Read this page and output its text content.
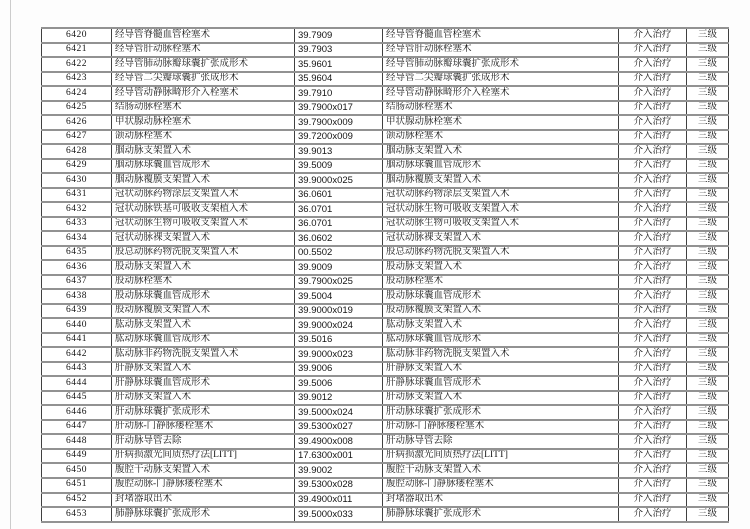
6420	经导管脊髓血管栓塞术	39.7909	经导管脊髓血管栓塞术	介入治疗	三级
6421	经导管肝动脉栓塞术	39.7903	经导管肝动脉栓塞术	介入治疗	三级
6422	经导管肺动脉瓣球囊扩张成形术	35.9601	经导管肺动脉瓣球囊扩张成形术	介入治疗	三级
6423	经导管二尖瓣球囊扩张成形术	35.9604	经导管二尖瓣球囊扩张成形术	介入治疗	三级
6424	经导管动静脉畸形介入栓塞术	39.7910	经导管动静脉畸形介入栓塞术	介入治疗	三级
6425	结肠动脉栓塞术	39.7900x017	结肠动脉栓塞术	介入治疗	三级
6426	甲状腺动脉栓塞术	39.7900x009	甲状腺动脉栓塞术	介入治疗	三级
6427	颌动脉栓塞术	39.7200x009	颌动脉栓塞术	介入治疗	三级
6428	腘动脉支架置入术	39.9013	腘动脉支架置入术	介入治疗	三级
6429	腘动脉球囊血管成形术	39.5009	腘动脉球囊血管成形术	介入治疗	三级
6430	腘动脉覆膜支架置入术	39.9000x025	腘动脉覆膜支架置入术	介入治疗	三级
6431	冠状动脉药物涂层支架置入术	36.0601	冠状动脉药物涂层支架置入术	介入治疗	三级
6432	冠状动脉铁基可吸收支架植入术	36.0701	冠状动脉生物可吸收支架置入术	介入治疗	三级
6433	冠状动脉生物可吸收支架置入术	36.0701	冠状动脉生物可吸收支架置入术	介入治疗	三级
6434	冠状动脉裸支架置入术	36.0602	冠状动脉裸支架置入术	介入治疗	三级
6435	股总动脉药物洗脱支架置入术	00.5502	股总动脉药物洗脱支架置入术	介入治疗	三级
6436	股动脉支架置入术	39.9009	股动脉支架置入术	介入治疗	三级
6437	股动脉栓塞术	39.7900x025	股动脉栓塞术	介入治疗	三级
6438	股动脉球囊血管成形术	39.5004	股动脉球囊血管成形术	介入治疗	三级
6439	股动脉覆膜支架置入术	39.9000x019	股动脉覆膜支架置入术	介入治疗	三级
6440	肱动脉支架置入术	39.9000x024	肱动脉支架置入术	介入治疗	三级
6441	肱动脉球囊血管成形术	39.5016	肱动脉球囊血管成形术	介入治疗	三级
6442	肱动脉非药物洗脱支架置入术	39.9000x023	肱动脉非药物洗脱支架置入术	介入治疗	三级
6443	肝静脉支架置入术	39.9006	肝静脉支架置入术	介入治疗	三级
6444	肝静脉球囊血管成形术	39.5006	肝静脉球囊血管成形术	介入治疗	三级
6445	肝动脉支架置入术	39.9012	肝动脉支架置入术	介入治疗	三级
6446	肝动脉球囊扩张成形术	39.5000x024	肝动脉球囊扩张成形术	介入治疗	三级
6447	肝动脉-门静脉瘘栓塞术	39.5300x027	肝动脉-门静脉瘘栓塞术	介入治疗	三级
6448	肝动脉导管去除	39.4900x008	肝动脉导管去除	介入治疗	三级
6449	肝病损激光间质热疗法[LITT]	17.6300x001	肝病损激光间质热疗法[LITT]	介入治疗	三级
6450	腹腔干动脉支架置入术	39.9002	腹腔干动脉支架置入术	介入治疗	三级
6451	腹腔动脉-门静脉瘘栓塞术	39.5300x028	腹腔动脉-门静脉瘘栓塞术	介入治疗	三级
6452	封堵器取出术	39.4900x011	封堵器取出术	介入治疗	三级
6453	肺静脉球囊扩张成形术	39.5000x033	肺静脉球囊扩张成形术	介入治疗	三级
